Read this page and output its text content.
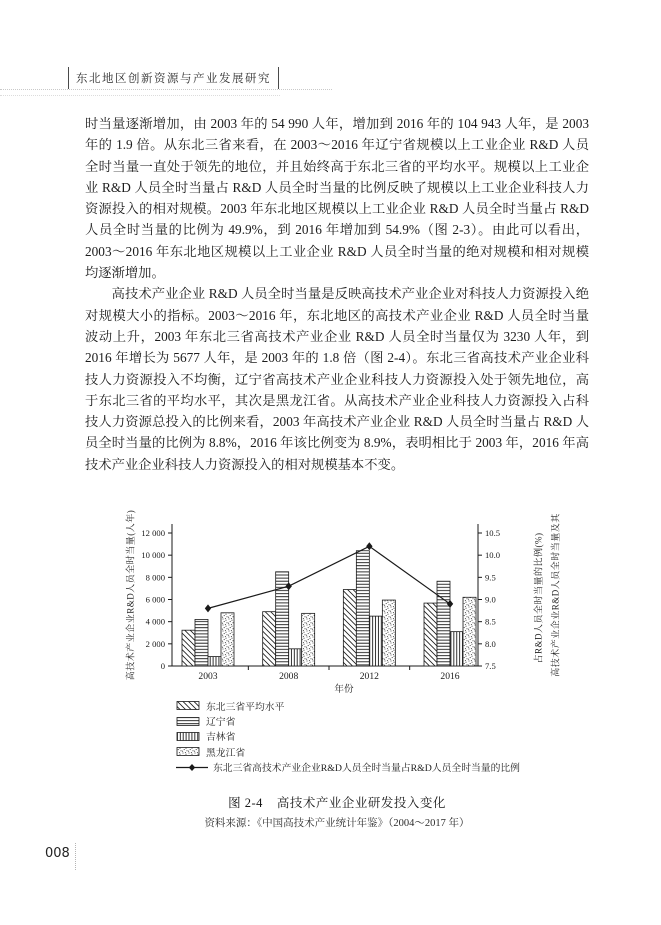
东北地区创新资源与产业发展研究

时当量逐渐增加，由 2003 年的 54 990 人年，增加到 2016 年的 104 943 人年，是 2003 年的 1.9 倍。从东北三省来看，在 2003～2016 年辽宁省规模以上工业企业 R&D 人员全时当量一直处于领先的地位，并且始终高于东北三省的平均水平。规模以上工业企业 R&D 人员全时当量占 R&D 人员全时当量的比例反映了规模以上工业企业科技人力资源投入的相对规模。2003 年东北地区规模以上工业企业 R&D 人员全时当量占 R&D 人员全时当量的比例为 49.9%，到 2016 年增加到 54.9%（图 2-3）。由此可以看出，2003～2016 年东北地区规模以上工业企业 R&D 人员全时当量的绝对规模和相对规模均逐渐增加。

高技术产业企业 R&D 人员全时当量是反映高技术产业企业对科技人力资源投入绝对规模大小的指标。2003～2016 年，东北地区的高技术产业企业 R&D 人员全时当量波动上升，2003 年东北三省高技术产业企业 R&D 人员全时当量仅为 3230 人年，到 2016 年增长为 5677 人年，是 2003 年的 1.8 倍（图 2-4）。东北三省高技术产业企业科技人力资源投入不均衡，辽宁省高技术产业企业科技人力资源投入处于领先地位，高于东北三省的平均水平，其次是黑龙江省。从高技术产业企业科技人力资源投入占科技人力资源总投入的比例来看，2003 年高技术产业企业 R&D 人员全时当量占 R&D 人员全时当量的比例为 8.8%，2016 年该比例变为 8.9%，表明相比于 2003 年，2016 年高技术产业企业科技人力资源投入的相对规模基本不变。

0
2 000
4 000
6 000
8 000
10 000
12 000
7.5
8.0
8.5
9.0
9.5
10.0
10.5
2003	2008	2012	2016
年份
高技术产业企业R&D人员全时当量(人年)	占R&D人员全时当量的比例(%) 高技术产业企业R&D人员全时当量及其
东北三省平均水平
辽宁省
吉林省
黑龙江省
东北三省高技术产业企业R&D人员全时当量占R&D人员全时当量的比例
图 2-4 高技术产业企业研发投入变化
资料来源：《中国高技术产业统计年鉴》（2004～2017 年）
008
